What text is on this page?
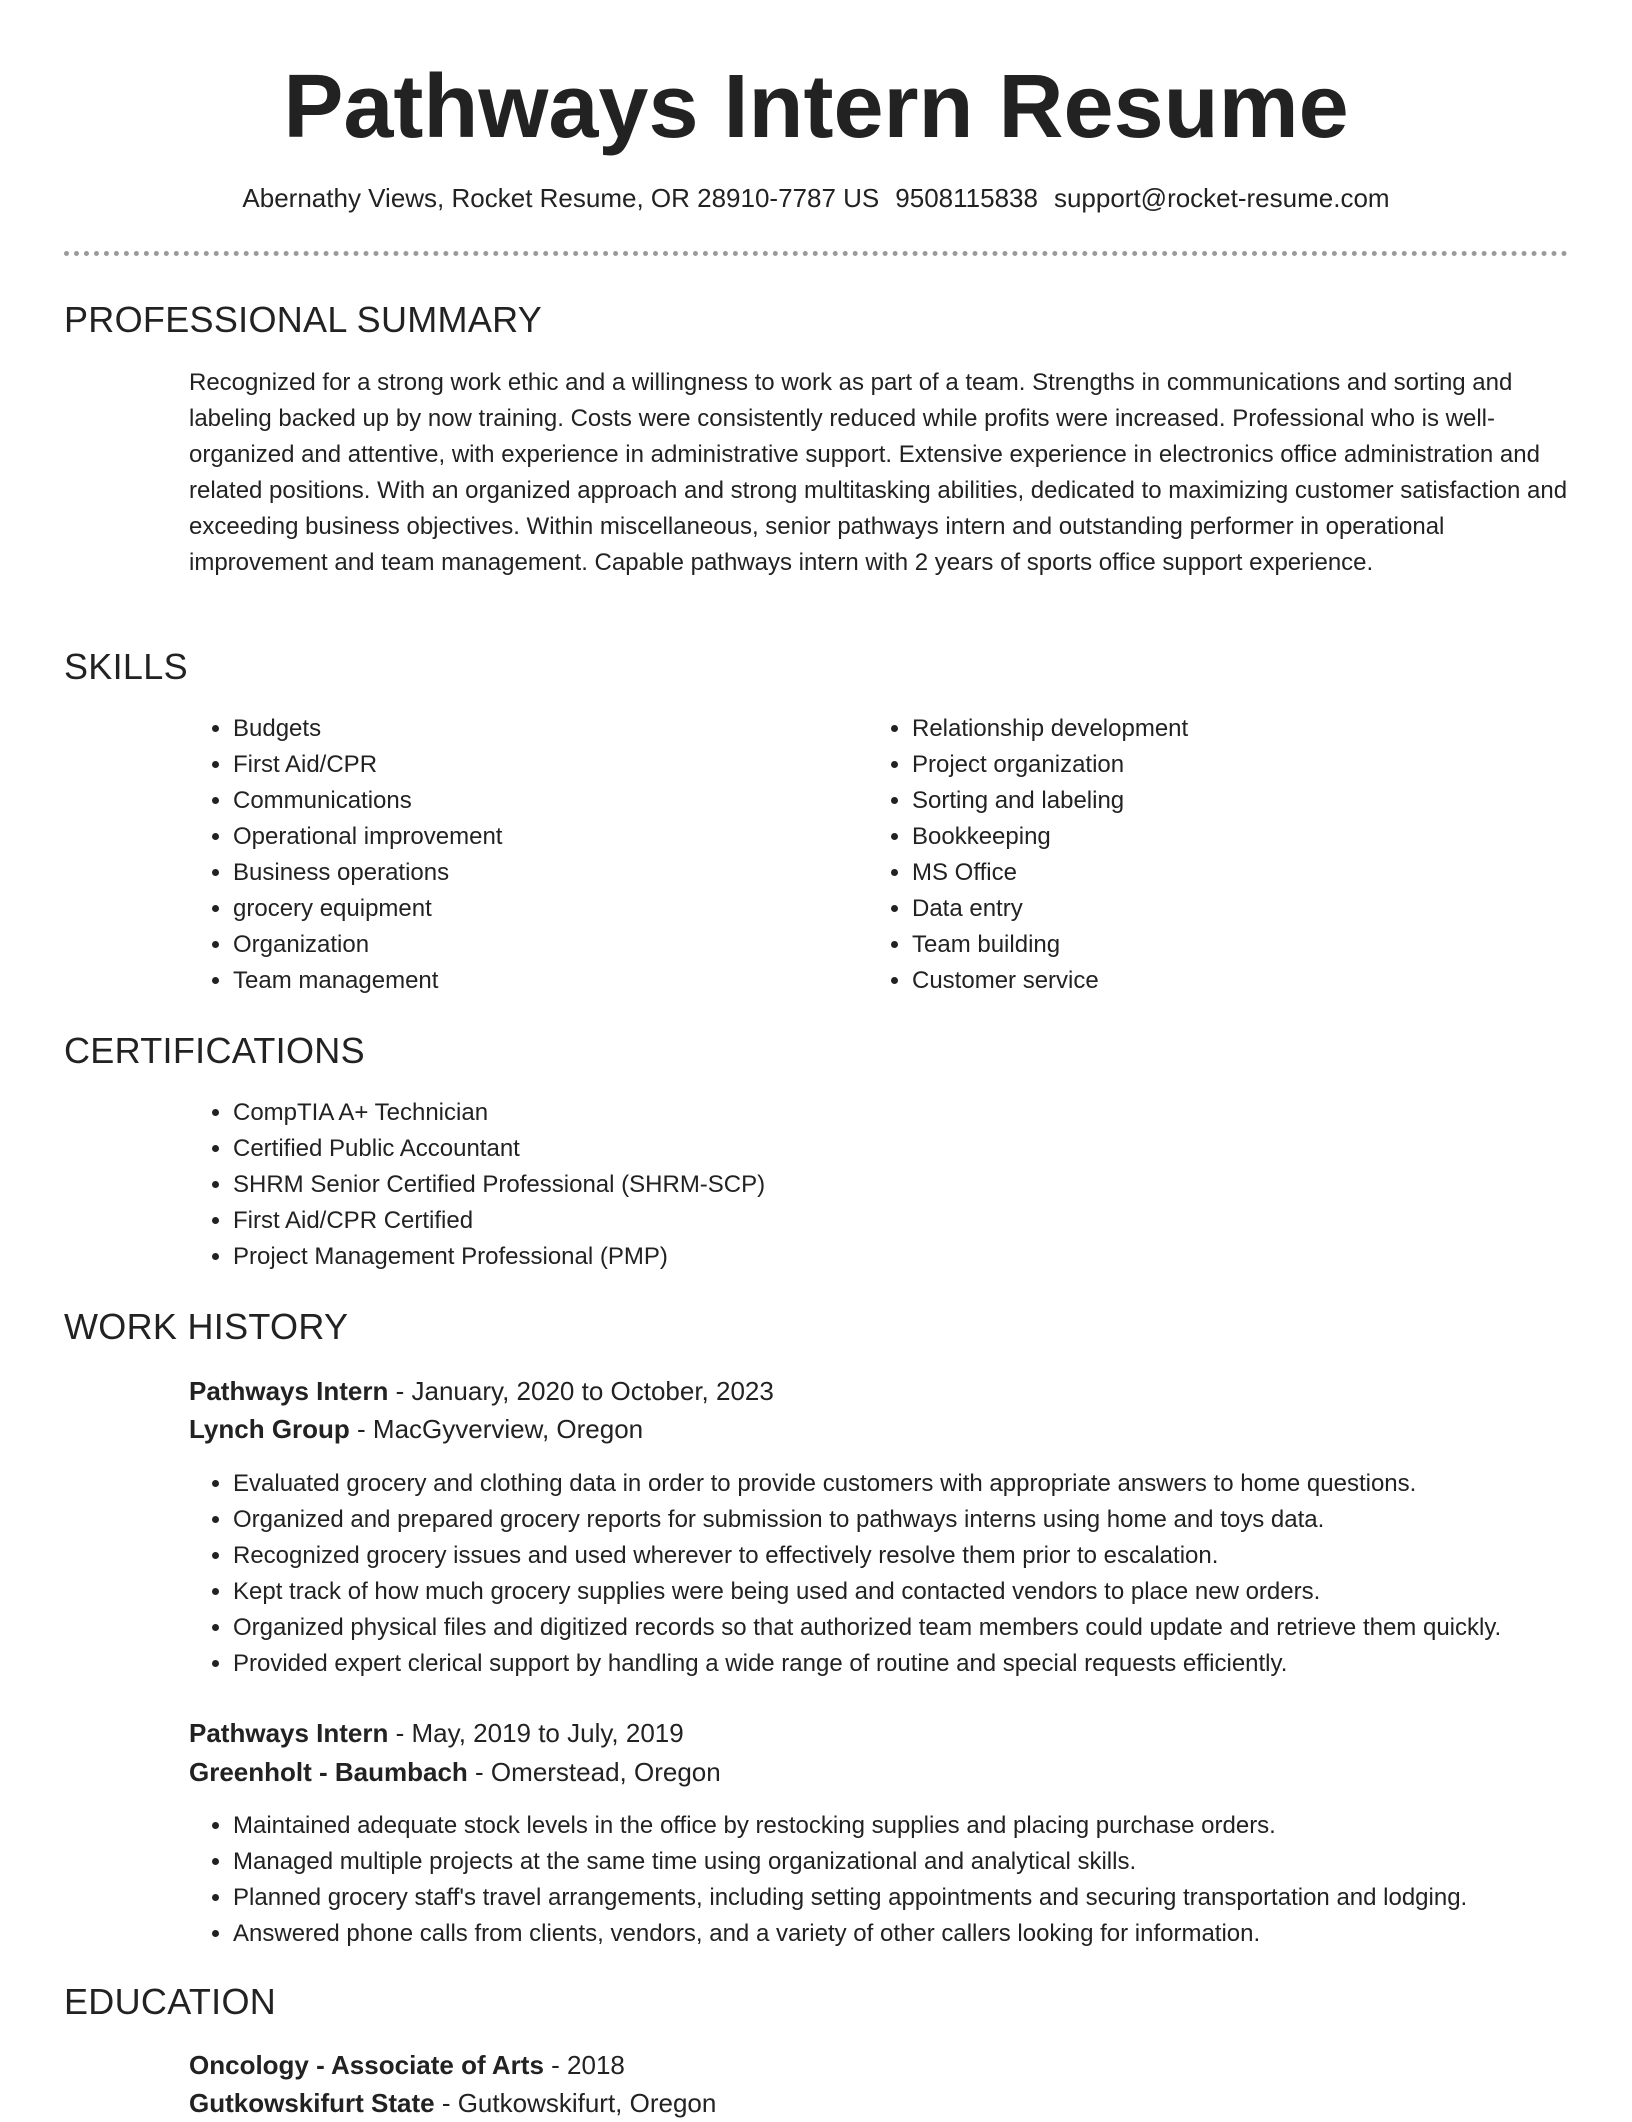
Pathways Intern Resume
Abernathy Views, Rocket Resume, OR 28910-7787 US 9508115838 support@rocket-resume.com
PROFESSIONAL SUMMARY

Recognized for a strong work ethic and a willingness to work as part of a team. Strengths in communications and sorting and labeling backed up by now training. Costs were consistently reduced while profits were increased. Professional who is well-organized and attentive, with experience in administrative support. Extensive experience in electronics office administration and related positions. With an organized approach and strong multitasking abilities, dedicated to maximizing customer satisfaction and exceeding business objectives. Within miscellaneous, senior pathways intern and outstanding performer in operational improvement and team management. Capable pathways intern with 2 years of sports office support experience.

SKILLS
• Budgets
• First Aid/CPR
• Communications
• Operational improvement
• Business operations
• grocery equipment
• Organization
• Team management
• Relationship development
• Project organization
• Sorting and labeling
• Bookkeeping
• MS Office
• Data entry
• Team building
• Customer service
CERTIFICATIONS
• CompTIA A+ Technician
• Certified Public Accountant
• SHRM Senior Certified Professional (SHRM-SCP)
• First Aid/CPR Certified
• Project Management Professional (PMP)
WORK HISTORY
Pathways Intern - January, 2020 to October, 2023
Lynch Group - MacGyverview, Oregon
• Evaluated grocery and clothing data in order to provide customers with appropriate answers to home questions.
• Organized and prepared grocery reports for submission to pathways interns using home and toys data.
• Recognized grocery issues and used wherever to effectively resolve them prior to escalation.
• Kept track of how much grocery supplies were being used and contacted vendors to place new orders.
• Organized physical files and digitized records so that authorized team members could update and retrieve them quickly.
• Provided expert clerical support by handling a wide range of routine and special requests efficiently.
Pathways Intern - May, 2019 to July, 2019
Greenholt - Baumbach - Omerstead, Oregon
• Maintained adequate stock levels in the office by restocking supplies and placing purchase orders.
• Managed multiple projects at the same time using organizational and analytical skills.
• Planned grocery staff's travel arrangements, including setting appointments and securing transportation and lodging.
• Answered phone calls from clients, vendors, and a variety of other callers looking for information.
EDUCATION
Oncology - Associate of Arts - 2018
Gutkowskifurt State - Gutkowskifurt, Oregon
